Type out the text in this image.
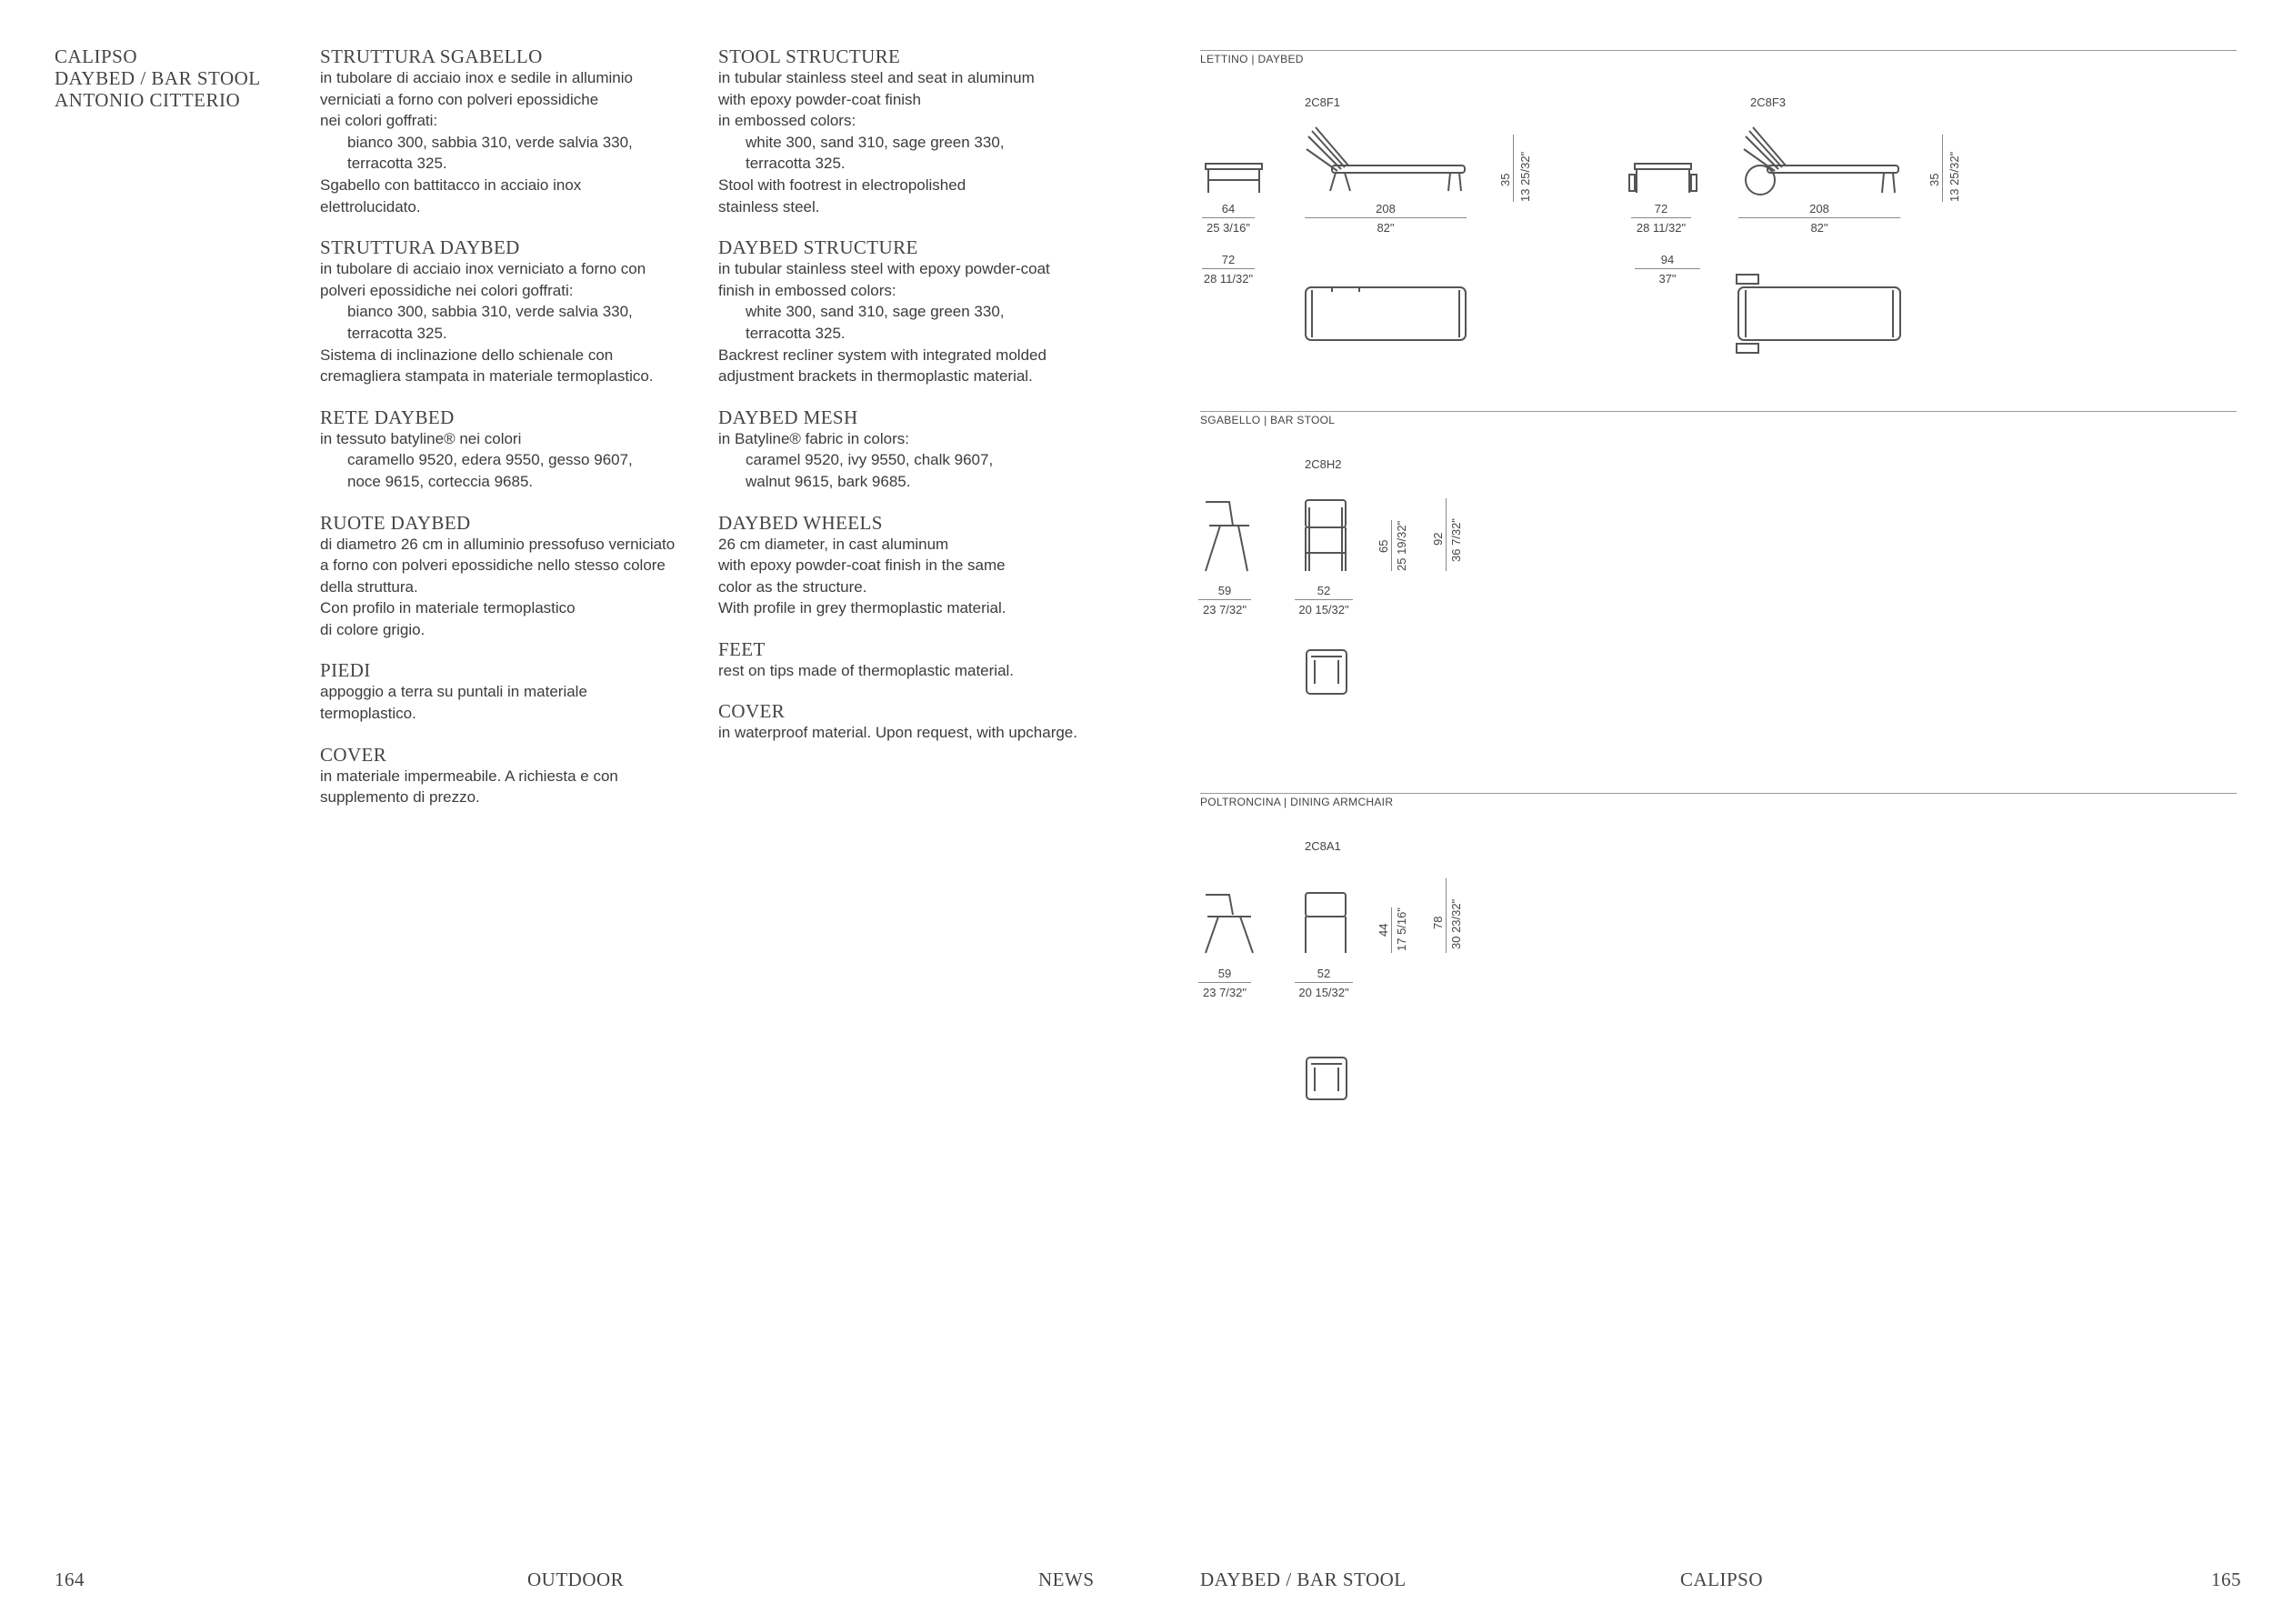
CALIPSO
DAYBED / BAR STOOL
ANTONIO CITTERIO
STRUTTURA SGABELLO
in tubolare di acciaio inox e sedile in alluminio
verniciati a forno con polveri epossidiche
nei colori goffrati:
bianco 300, sabbia 310, verde salvia 330,
terracotta 325.
Sgabello con battitacco in acciaio inox
elettrolucidato.
STRUTTURA DAYBED
in tubolare di acciaio inox verniciato a forno con
polveri epossidiche nei colori goffrati:
bianco 300, sabbia 310, verde salvia 330,
terracotta 325.
Sistema di inclinazione dello schienale con
cremagliera stampata in materiale termoplastico.
RETE DAYBED
in tessuto batyline® nei colori
caramello 9520, edera 9550, gesso 9607,
noce 9615, corteccia 9685.
RUOTE DAYBED
di diametro 26 cm in alluminio pressofuso verniciato
a forno con polveri epossidiche nello stesso colore
della struttura.
Con profilo in materiale termoplastico
di colore grigio.
PIEDI
appoggio a terra su puntali in materiale
termoplastico.
COVER
in materiale impermeabile. A richiesta e con
supplemento di prezzo.
STOOL STRUCTURE
in tubular stainless steel and seat in aluminum
with epoxy powder-coat finish
in embossed colors:
white 300, sand 310, sage green 330,
terracotta 325.
Stool with footrest in electropolished
stainless steel.
DAYBED STRUCTURE
in tubular stainless steel with epoxy powder-coat
finish in embossed colors:
white 300, sand 310, sage green 330,
terracotta 325.
Backrest recliner system with integrated molded
adjustment brackets in thermoplastic material.
DAYBED MESH
in Batyline® fabric in colors:
caramel 9520, ivy 9550, chalk 9607,
walnut 9615, bark 9685.
DAYBED WHEELS
26 cm diameter, in cast aluminum
with epoxy powder-coat finish in the same
color as the structure.
With profile in grey thermoplastic material.
FEET
rest on tips made of thermoplastic material.
COVER
in waterproof material. Upon request, with upcharge.
LETTINO | DAYBED
2C8F1	2C8F3
64
25 3/16"
208
82"
72
28 11/32"
35 13 25/32"
72
28 11/32"
208
82"
94
37"
35 13 25/32"
SGABELLO | BAR STOOL
2C8H2
59
23 7/32"
52
20 15/32"
65 25 19/32" 92 36 7/32"
POLTRONCINA | DINING ARMCHAIR
2C8A1
59
23 7/32"
52
20 15/32"
44 17 5/16" 78 30 23/32"
164	OUTDOOR	NEWS	DAYBED / BAR STOOL	CALIPSO	165
